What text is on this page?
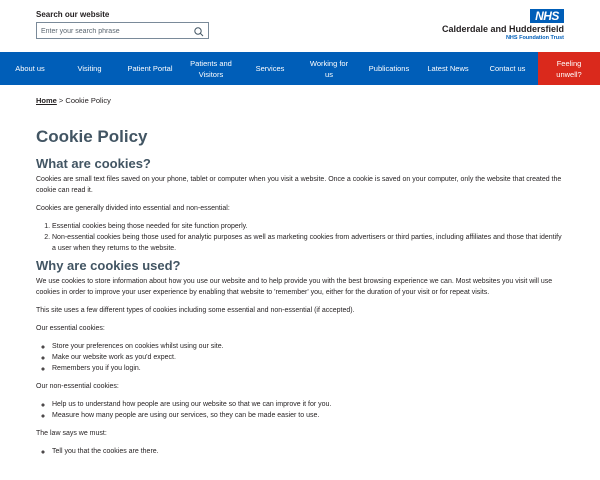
Search our website
Enter your search phrase	NHS
Calderdale and Huddersfield
NHS Foundation Trust
About us	Visiting	Patient Portal
Patients and Visitors
Services
Working for us
Publications	Latest News	Contact us
Feeling unwell?
Home > Cookie Policy
Cookie Policy
What are cookies?

Cookies are small text files saved on your phone, tablet or computer when you visit a website. Once a cookie is saved on your computer, only the website that created the cookie can read it.

Cookies are generally divided into essential and non-essential:

1. Essential cookies being those needed for site function properly.
2. Non-essential cookies being those used for analytic purposes as well as marketing cookies from advertisers or third parties, including affiliates and those that identify a user when they returns to the website.
Why are cookies used?

We use cookies to store information about how you use our website and to help provide you with the best browsing experience we can. Most websites you visit will use cookies in order to improve your user experience by enabling that website to 'remember' you, either for the duration of your visit or for repeat visits.

This site uses a few different types of cookies including some essential and non-essential (if accepted).

Our essential cookies:

◦ Store your preferences on cookies whilst using our site.
◦ Make our website work as you'd expect.
◦ Remembers you if you login.

Our non-essential cookies:

◦ Help us to understand how people are using our website so that we can improve it for you.
◦ Measure how many people are using our services, so they can be made easier to use.

The law says we must:

◦ Tell you that the cookies are there.
